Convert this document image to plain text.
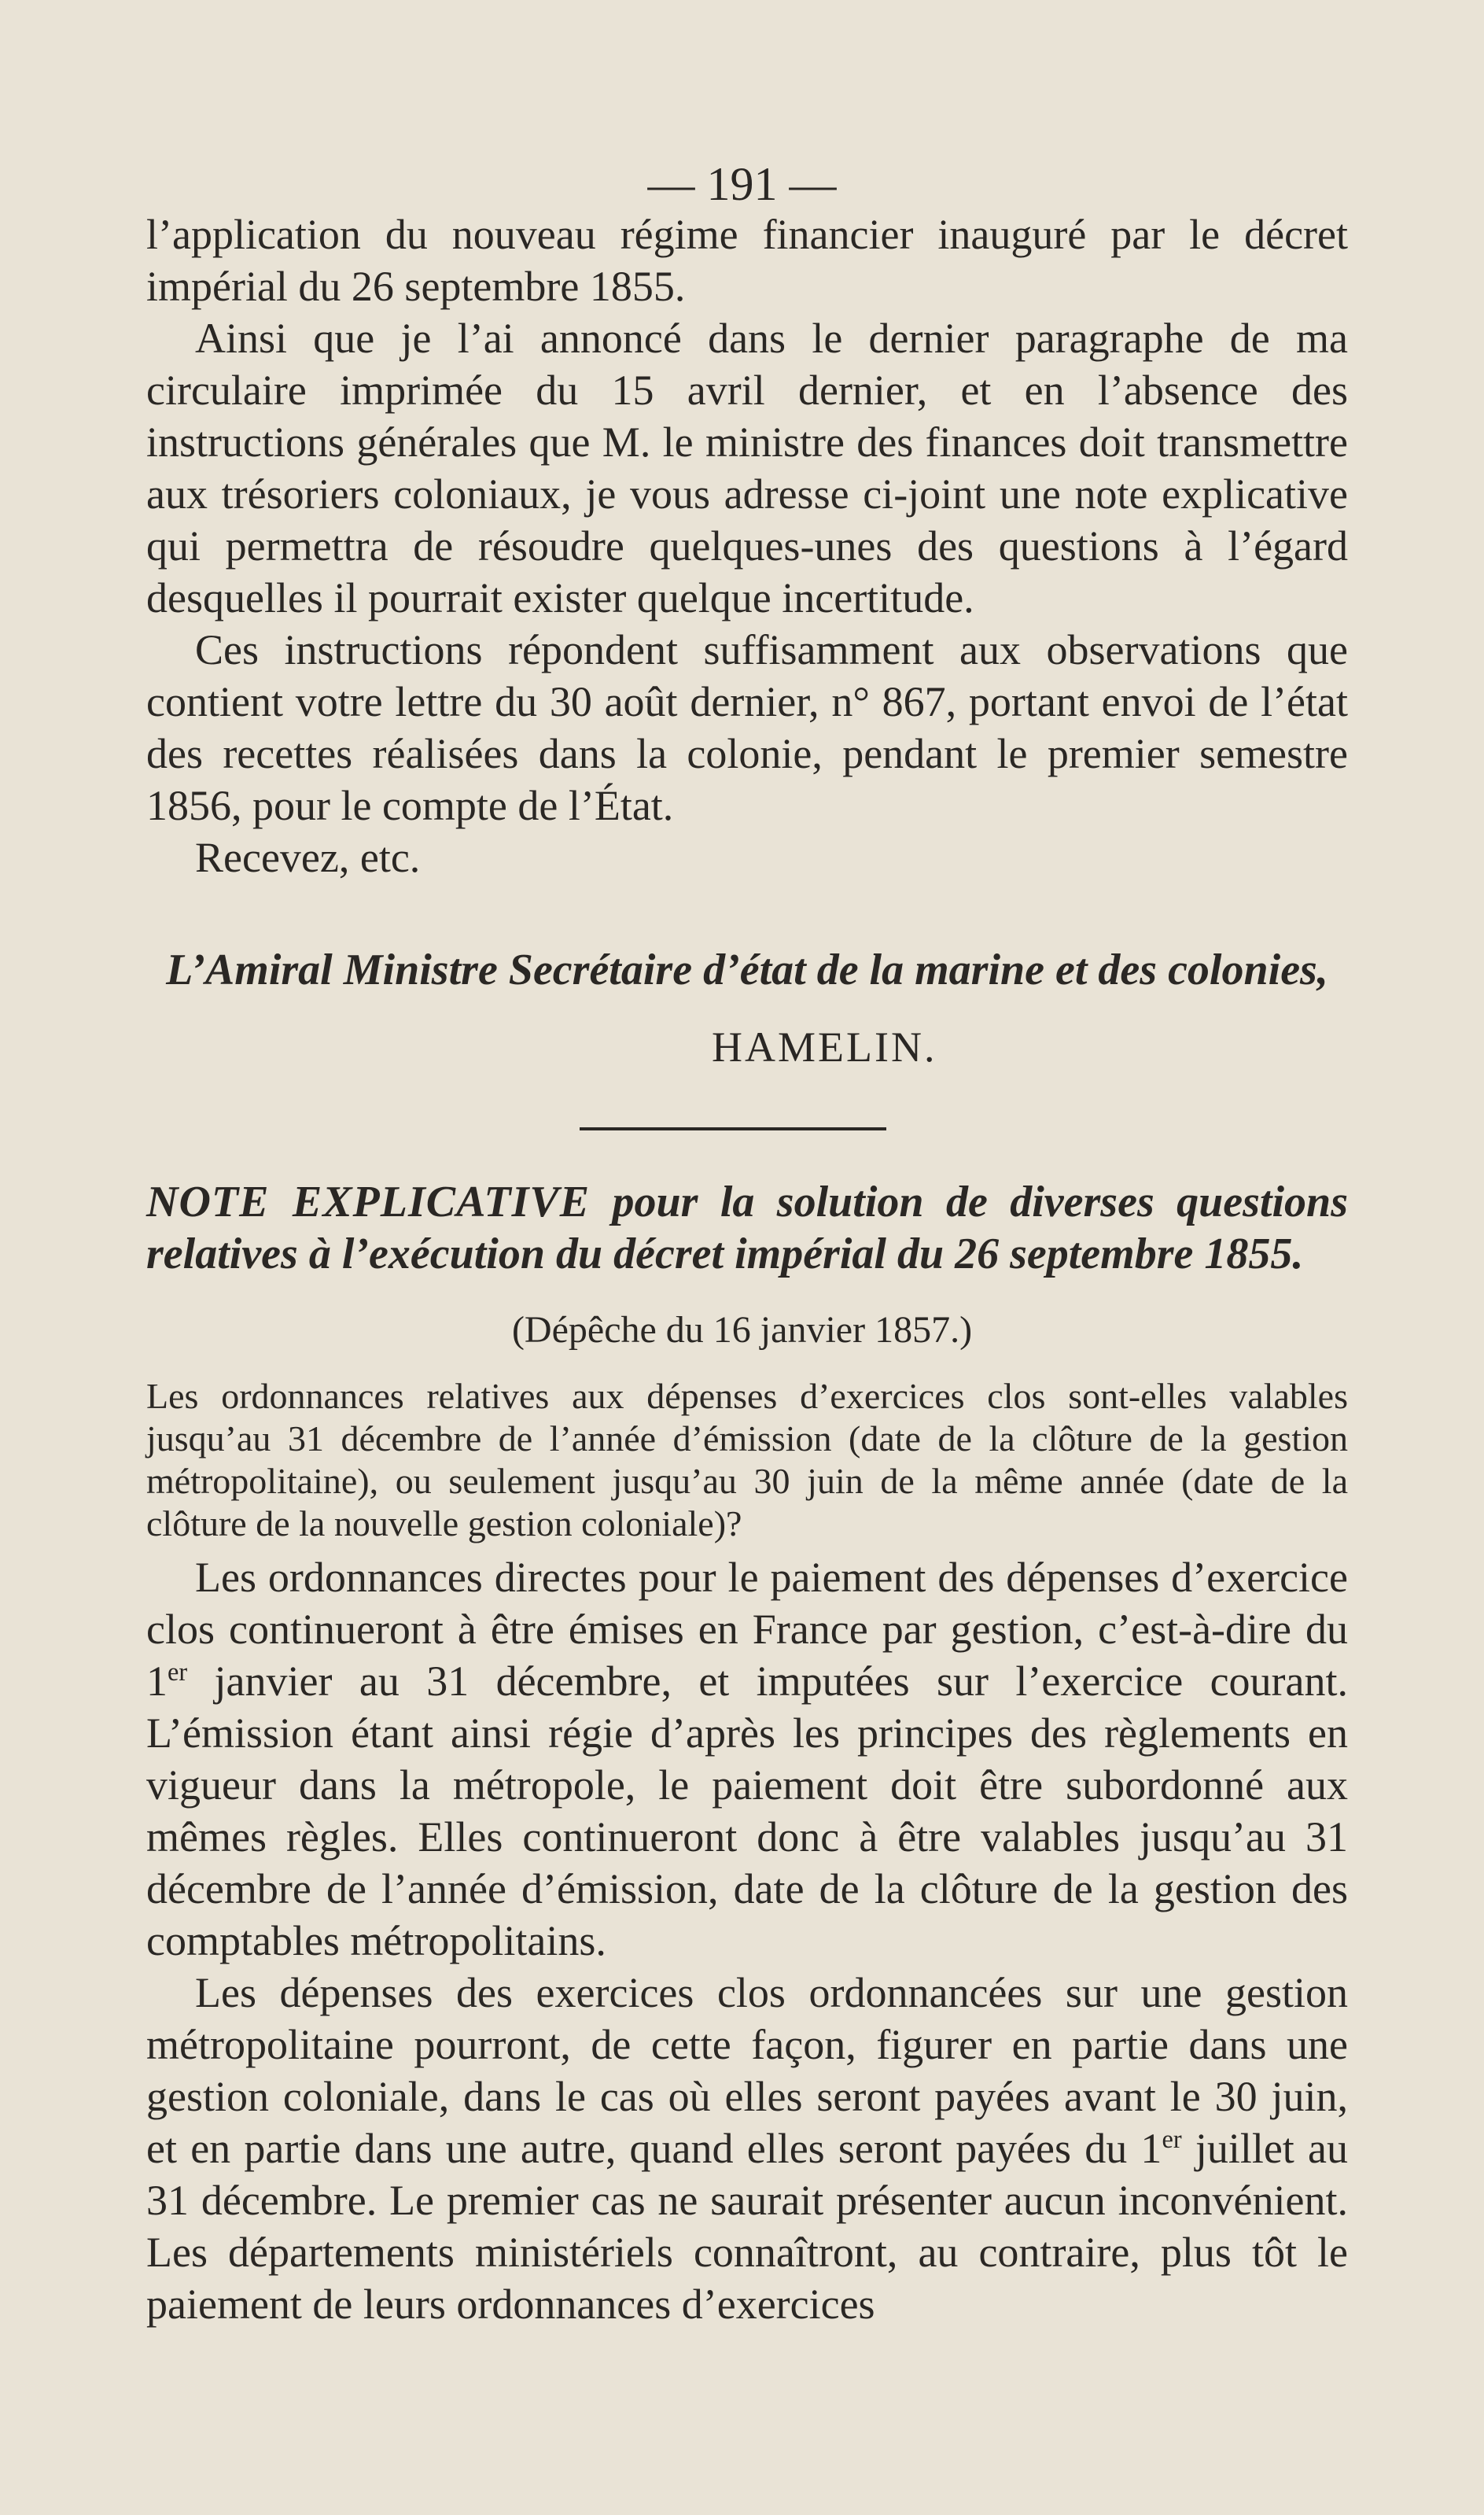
— 191 —

l’application du nouveau régime financier inauguré par le décret impérial du 26 septembre 1855.

Ainsi que je l’ai annoncé dans le dernier paragraphe de ma circulaire imprimée du 15 avril dernier, et en l’absence des instructions générales que M. le ministre des finances doit transmettre aux trésoriers coloniaux, je vous adresse ci-joint une note explicative qui permettra de résoudre quelques-unes des questions à l’égard desquelles il pourrait exister quelque incertitude.

Ces instructions répondent suffisamment aux observations que contient votre lettre du 30 août dernier, n° 867, portant envoi de l’état des recettes réalisées dans la colonie, pendant le premier semestre 1856, pour le compte de l’État.

Recevez, etc.

L’Amiral Ministre Secrétaire d’état de la marine et des colonies,
HAMELIN.
NOTE EXPLICATIVE pour la solution de diverses questions relatives à l’exécution du décret impérial du 26 septembre 1855.
(Dépêche du 16 janvier 1857.)
Les ordonnances relatives aux dépenses d’exercices clos sont-elles valables jusqu’au 31 décembre de l’année d’émission (date de la clôture de la gestion métropolitaine), ou seulement jusqu’au 30 juin de la même année (date de la clôture de la nouvelle gestion coloniale)?

Les ordonnances directes pour le paiement des dépenses d’exercice clos continueront à être émises en France par gestion, c’est-à-dire du 1er janvier au 31 décembre, et imputées sur l’exercice courant. L’émission étant ainsi régie d’après les principes des règlements en vigueur dans la métropole, le paiement doit être subordonné aux mêmes règles. Elles continueront donc à être valables jusqu’au 31 décembre de l’année d’émission, date de la clôture de la gestion des comptables métropolitains.

Les dépenses des exercices clos ordonnancées sur une gestion métropolitaine pourront, de cette façon, figurer en partie dans une gestion coloniale, dans le cas où elles seront payées avant le 30 juin, et en partie dans une autre, quand elles seront payées du 1er juillet au 31 décembre. Le premier cas ne saurait présenter aucun inconvénient. Les départements ministériels connaîtront, au contraire, plus tôt le paiement de leurs ordonnances d’exercices
